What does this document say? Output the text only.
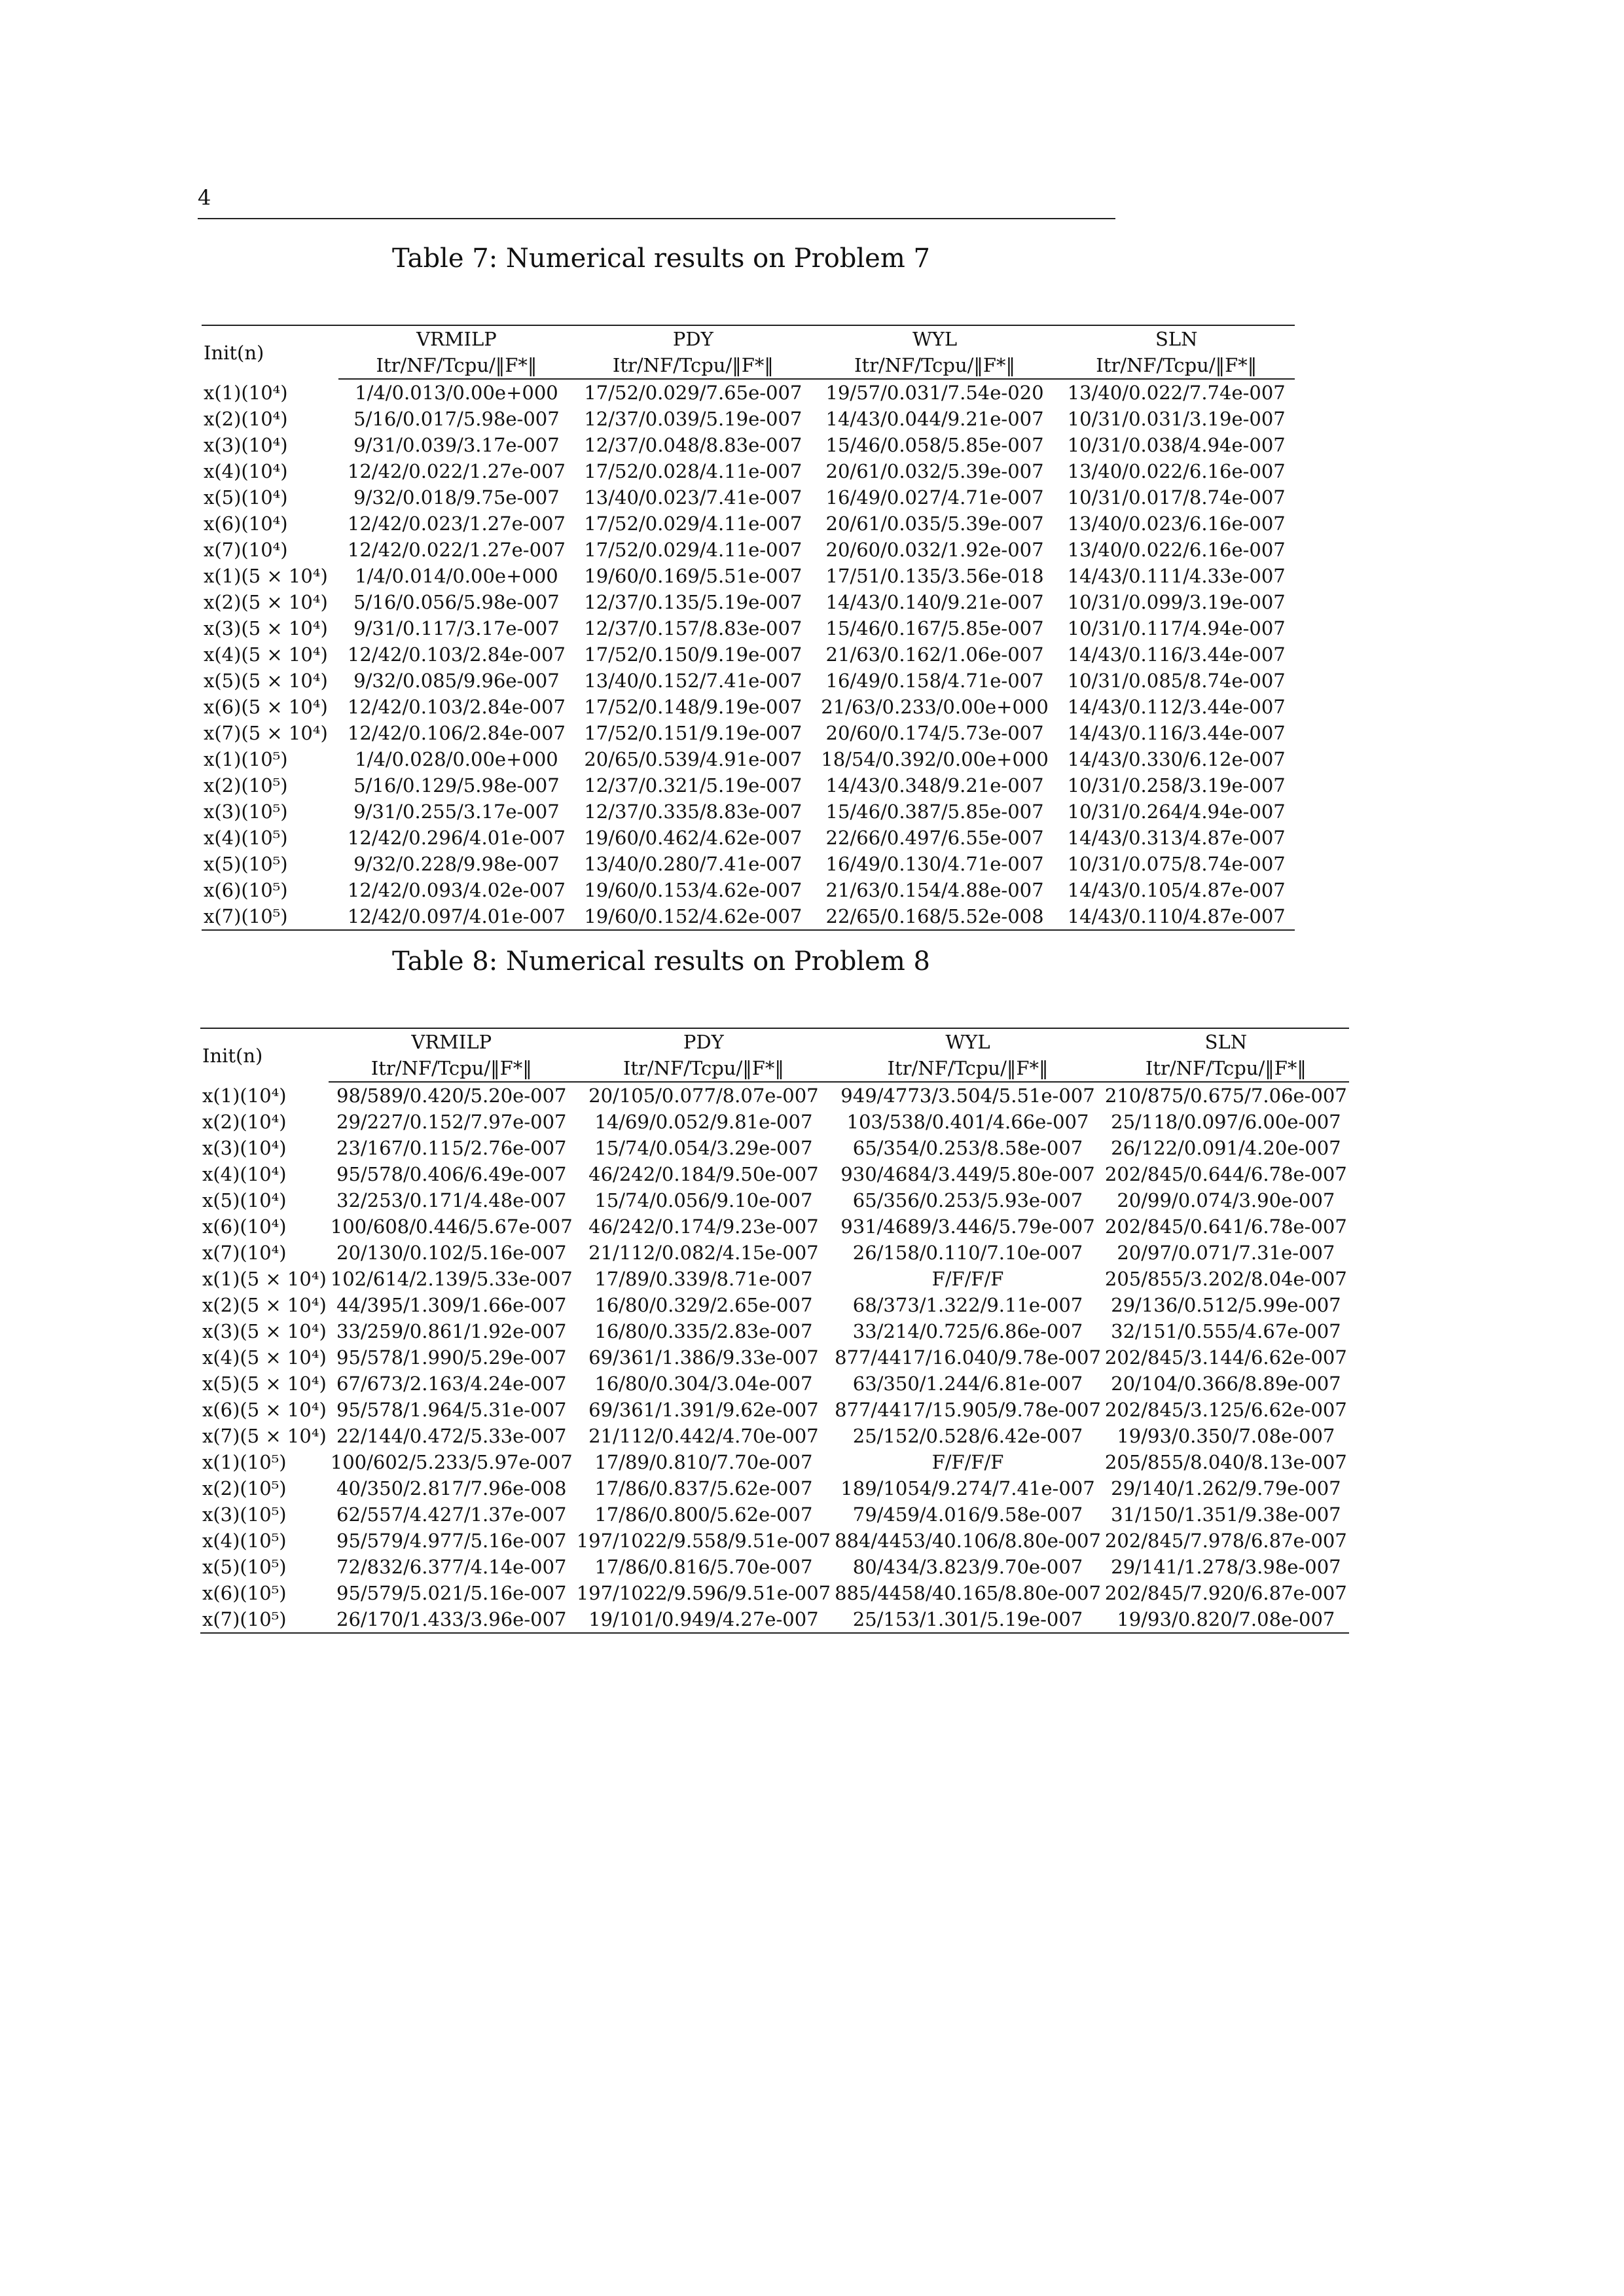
4
Table 7: Numerical results on Problem 7
Init(n)	VRMILP	PDY	WYL	SLN
	Itr/NF/Tcpu/‖F*‖	Itr/NF/Tcpu/‖F*‖	Itr/NF/Tcpu/‖F*‖	Itr/NF/Tcpu/‖F*‖
x(1)(10⁴)	1/4/0.013/0.00e+000	17/52/0.029/7.65e-007	19/57/0.031/7.54e-020	13/40/0.022/7.74e-007
x(2)(10⁴)	5/16/0.017/5.98e-007	12/37/0.039/5.19e-007	14/43/0.044/9.21e-007	10/31/0.031/3.19e-007
x(3)(10⁴)	9/31/0.039/3.17e-007	12/37/0.048/8.83e-007	15/46/0.058/5.85e-007	10/31/0.038/4.94e-007
x(4)(10⁴)	12/42/0.022/1.27e-007	17/52/0.028/4.11e-007	20/61/0.032/5.39e-007	13/40/0.022/6.16e-007
x(5)(10⁴)	9/32/0.018/9.75e-007	13/40/0.023/7.41e-007	16/49/0.027/4.71e-007	10/31/0.017/8.74e-007
x(6)(10⁴)	12/42/0.023/1.27e-007	17/52/0.029/4.11e-007	20/61/0.035/5.39e-007	13/40/0.023/6.16e-007
x(7)(10⁴)	12/42/0.022/1.27e-007	17/52/0.029/4.11e-007	20/60/0.032/1.92e-007	13/40/0.022/6.16e-007
x(1)(5 × 10⁴)	1/4/0.014/0.00e+000	19/60/0.169/5.51e-007	17/51/0.135/3.56e-018	14/43/0.111/4.33e-007
x(2)(5 × 10⁴)	5/16/0.056/5.98e-007	12/37/0.135/5.19e-007	14/43/0.140/9.21e-007	10/31/0.099/3.19e-007
x(3)(5 × 10⁴)	9/31/0.117/3.17e-007	12/37/0.157/8.83e-007	15/46/0.167/5.85e-007	10/31/0.117/4.94e-007
x(4)(5 × 10⁴)	12/42/0.103/2.84e-007	17/52/0.150/9.19e-007	21/63/0.162/1.06e-007	14/43/0.116/3.44e-007
x(5)(5 × 10⁴)	9/32/0.085/9.96e-007	13/40/0.152/7.41e-007	16/49/0.158/4.71e-007	10/31/0.085/8.74e-007
x(6)(5 × 10⁴)	12/42/0.103/2.84e-007	17/52/0.148/9.19e-007	21/63/0.233/0.00e+000	14/43/0.112/3.44e-007
x(7)(5 × 10⁴)	12/42/0.106/2.84e-007	17/52/0.151/9.19e-007	20/60/0.174/5.73e-007	14/43/0.116/3.44e-007
x(1)(10⁵)	1/4/0.028/0.00e+000	20/65/0.539/4.91e-007	18/54/0.392/0.00e+000	14/43/0.330/6.12e-007
x(2)(10⁵)	5/16/0.129/5.98e-007	12/37/0.321/5.19e-007	14/43/0.348/9.21e-007	10/31/0.258/3.19e-007
x(3)(10⁵)	9/31/0.255/3.17e-007	12/37/0.335/8.83e-007	15/46/0.387/5.85e-007	10/31/0.264/4.94e-007
x(4)(10⁵)	12/42/0.296/4.01e-007	19/60/0.462/4.62e-007	22/66/0.497/6.55e-007	14/43/0.313/4.87e-007
x(5)(10⁵)	9/32/0.228/9.98e-007	13/40/0.280/7.41e-007	16/49/0.130/4.71e-007	10/31/0.075/8.74e-007
x(6)(10⁵)	12/42/0.093/4.02e-007	19/60/0.153/4.62e-007	21/63/0.154/4.88e-007	14/43/0.105/4.87e-007
x(7)(10⁵)	12/42/0.097/4.01e-007	19/60/0.152/4.62e-007	22/65/0.168/5.52e-008	14/43/0.110/4.87e-007
Table 8: Numerical results on Problem 8
Init(n)	VRMILP	PDY	WYL	SLN
	Itr/NF/Tcpu/‖F*‖	Itr/NF/Tcpu/‖F*‖	Itr/NF/Tcpu/‖F*‖	Itr/NF/Tcpu/‖F*‖
x(1)(10⁴)	98/589/0.420/5.20e-007	20/105/0.077/8.07e-007	949/4773/3.504/5.51e-007	210/875/0.675/7.06e-007
x(2)(10⁴)	29/227/0.152/7.97e-007	14/69/0.052/9.81e-007	103/538/0.401/4.66e-007	25/118/0.097/6.00e-007
x(3)(10⁴)	23/167/0.115/2.76e-007	15/74/0.054/3.29e-007	65/354/0.253/8.58e-007	26/122/0.091/4.20e-007
x(4)(10⁴)	95/578/0.406/6.49e-007	46/242/0.184/9.50e-007	930/4684/3.449/5.80e-007	202/845/0.644/6.78e-007
x(5)(10⁴)	32/253/0.171/4.48e-007	15/74/0.056/9.10e-007	65/356/0.253/5.93e-007	20/99/0.074/3.90e-007
x(6)(10⁴)	100/608/0.446/5.67e-007	46/242/0.174/9.23e-007	931/4689/3.446/5.79e-007	202/845/0.641/6.78e-007
x(7)(10⁴)	20/130/0.102/5.16e-007	21/112/0.082/4.15e-007	26/158/0.110/7.10e-007	20/97/0.071/7.31e-007
x(1)(5 × 10⁴)	102/614/2.139/5.33e-007	17/89/0.339/8.71e-007	F/F/F/F	205/855/3.202/8.04e-007
x(2)(5 × 10⁴)	44/395/1.309/1.66e-007	16/80/0.329/2.65e-007	68/373/1.322/9.11e-007	29/136/0.512/5.99e-007
x(3)(5 × 10⁴)	33/259/0.861/1.92e-007	16/80/0.335/2.83e-007	33/214/0.725/6.86e-007	32/151/0.555/4.67e-007
x(4)(5 × 10⁴)	95/578/1.990/5.29e-007	69/361/1.386/9.33e-007	877/4417/16.040/9.78e-007	202/845/3.144/6.62e-007
x(5)(5 × 10⁴)	67/673/2.163/4.24e-007	16/80/0.304/3.04e-007	63/350/1.244/6.81e-007	20/104/0.366/8.89e-007
x(6)(5 × 10⁴)	95/578/1.964/5.31e-007	69/361/1.391/9.62e-007	877/4417/15.905/9.78e-007	202/845/3.125/6.62e-007
x(7)(5 × 10⁴)	22/144/0.472/5.33e-007	21/112/0.442/4.70e-007	25/152/0.528/6.42e-007	19/93/0.350/7.08e-007
x(1)(10⁵)	100/602/5.233/5.97e-007	17/89/0.810/7.70e-007	F/F/F/F	205/855/8.040/8.13e-007
x(2)(10⁵)	40/350/2.817/7.96e-008	17/86/0.837/5.62e-007	189/1054/9.274/7.41e-007	29/140/1.262/9.79e-007
x(3)(10⁵)	62/557/4.427/1.37e-007	17/86/0.800/5.62e-007	79/459/4.016/9.58e-007	31/150/1.351/9.38e-007
x(4)(10⁵)	95/579/4.977/5.16e-007	197/1022/9.558/9.51e-007	884/4453/40.106/8.80e-007	202/845/7.978/6.87e-007
x(5)(10⁵)	72/832/6.377/4.14e-007	17/86/0.816/5.70e-007	80/434/3.823/9.70e-007	29/141/1.278/3.98e-007
x(6)(10⁵)	95/579/5.021/5.16e-007	197/1022/9.596/9.51e-007	885/4458/40.165/8.80e-007	202/845/7.920/6.87e-007
x(7)(10⁵)	26/170/1.433/3.96e-007	19/101/0.949/4.27e-007	25/153/1.301/5.19e-007	19/93/0.820/7.08e-007
